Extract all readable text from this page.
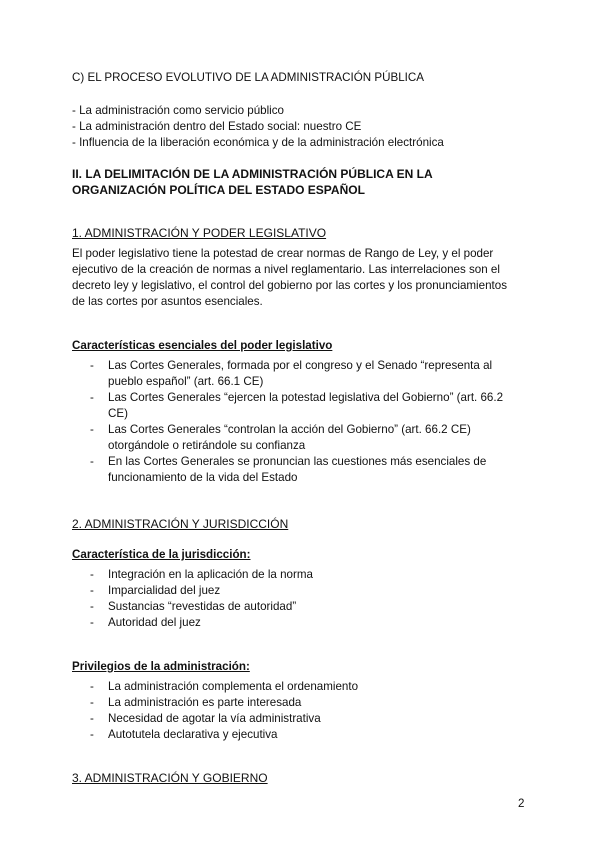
C) EL PROCESO EVOLUTIVO DE LA ADMINISTRACIÓN PÚBLICA

- La administración como servicio público

- La administración dentro del Estado social: nuestro CE

- Influencia de la liberación económica y de la administración electrónica

II. LA DELIMITACIÓN DE LA ADMINISTRACIÓN PÚBLICA EN LA

ORGANIZACIÓN POLÍTICA DEL ESTADO ESPAÑOL

1. ADMINISTRACIÓN Y PODER LEGISLATIVO

El poder legislativo tiene la potestad de crear normas de Rango de Ley, y el poder

ejecutivo de la creación de normas a nivel reglamentario. Las interrelaciones son el

decreto ley y legislativo, el control del gobierno por las cortes y los pronunciamientos

de las cortes por asuntos esenciales.

Características esenciales del poder legislativo

- Las Cortes Generales, formada por el congreso y el Senado “representa al
pueblo español” (art. 66.1 CE)
- Las Cortes Generales “ejercen la potestad legislativa del Gobierno” (art. 66.2
CE)
- Las Cortes Generales “controlan la acción del Gobierno” (art. 66.2 CE)
otorgándole o retirándole su confianza
- En las Cortes Generales se pronuncian las cuestiones más esenciales de
funcionamiento de la vida del Estado

2. ADMINISTRACIÓN Y JURISDICCIÓN

Característica de la jurisdicción:

- Integración en la aplicación de la norma
- Imparcialidad del juez
- Sustancias “revestidas de autoridad”
- Autoridad del juez

Privilegios de la administración:

- La administración complementa el ordenamiento
- La administración es parte interesada
- Necesidad de agotar la vía administrativa
- Autotutela declarativa y ejecutiva

3. ADMINISTRACIÓN Y GOBIERNO

2
